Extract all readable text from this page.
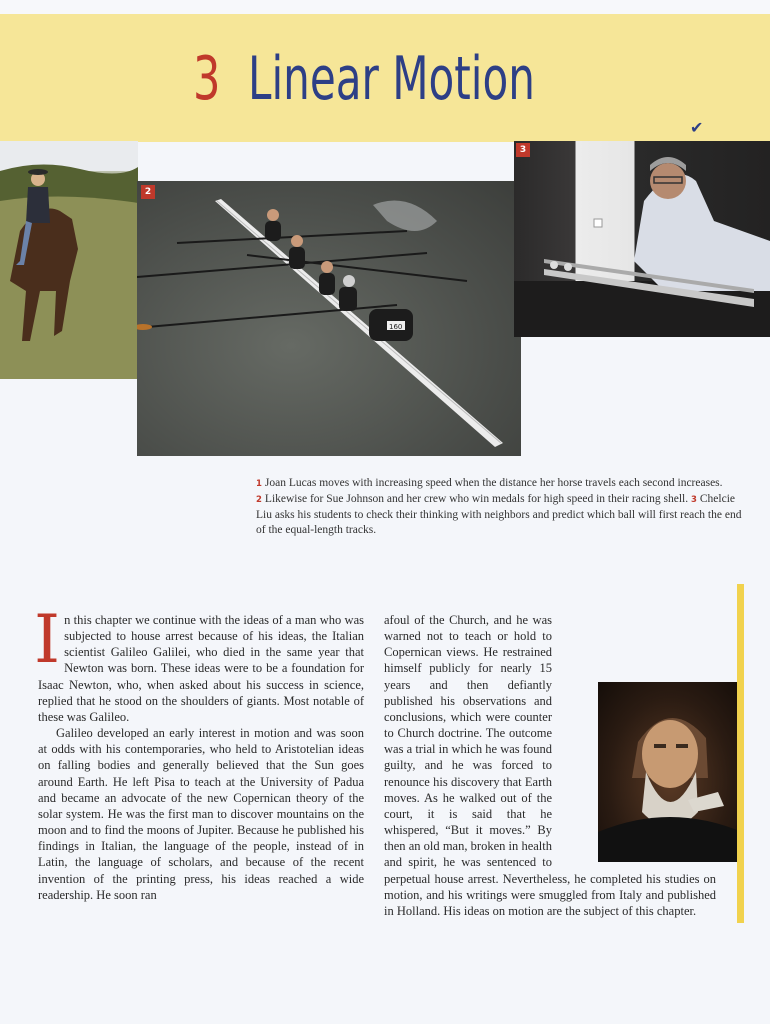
3 Linear Motion
✔
160
2
3
1 Joan Lucas moves with increasing speed when the distance her horse travels each second increases. 2 Likewise for Sue Johnson and her crew who win medals for high speed in their racing shell. 3 Chelcie Liu asks his students to check their thinking with neighbors and predict which ball will first reach the end of the equal-length tracks.

In this chapter we continue with the ideas of a man who was subjected to house arrest because of his ideas, the Italian scientist Galileo Galilei, who died in the same year that Newton was born. These ideas were to be a foundation for Isaac Newton, who, when asked about his success in science, replied that he stood on the shoulders of giants. Most notable of these was Galileo.

Galileo developed an early interest in motion and was soon at odds with his contemporaries, who held to Aristotelian ideas on falling bodies and generally believed that the Sun goes around Earth. He left Pisa to teach at the University of Padua and became an advocate of the new Copernican theory of the solar system. He was the first man to discover mountains on the moon and to find the moons of Jupiter. Because he published his findings in Italian, the language of the people, instead of in Latin, the language of scholars, and because of the recent invention of the printing press, his ideas reached a wide readership. He soon ran

afoul of the Church, and he was warned not to teach or hold to Copernican views. He restrained himself publicly for nearly 15 years and then defiantly published his observations and conclusions, which were counter to Church doctrine. The outcome was a trial in which he was found guilty, and he was forced to renounce his discovery that Earth moves. As he walked out of the court, it is said that he whispered, “But it moves.” By then an old man, broken in health and spirit, he was sentenced to perpetual house arrest. Nevertheless, he completed his studies on motion, and his writings were smuggled from Italy and published in Holland. His ideas on motion are the subject of this chapter.
